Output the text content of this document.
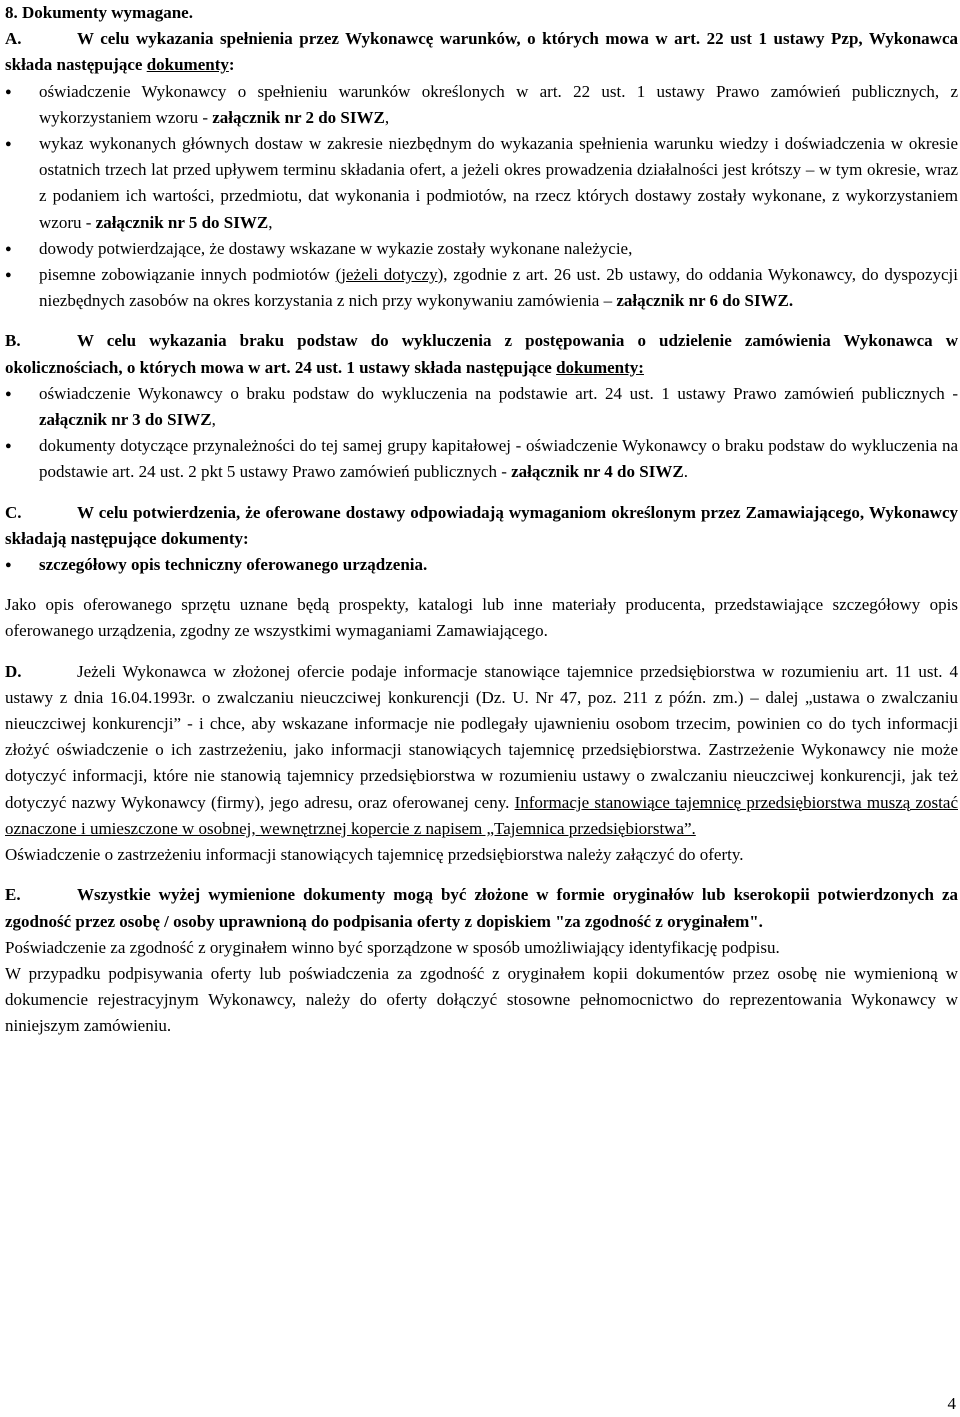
8. Dokumenty wymagane.

A.	W celu wykazania spełnienia przez Wykonawcę warunków, o których mowa w art. 22 ust 1 ustawy Pzp, Wykonawca składa następujące dokumenty:

● oświadczenie Wykonawcy o spełnieniu warunków określonych w art. 22 ust. 1 ustawy Prawo zamówień publicznych, z wykorzystaniem wzoru - załącznik nr 2 do SIWZ,
● wykaz wykonanych głównych dostaw w zakresie niezbędnym do wykazania spełnienia warunku wiedzy i doświadczenia w okresie ostatnich trzech lat przed upływem terminu składania ofert, a jeżeli okres prowadzenia działalności jest krótszy – w tym okresie, wraz z podaniem ich wartości, przedmiotu, dat wykonania i podmiotów, na rzecz których dostawy zostały wykonane, z wykorzystaniem wzoru - załącznik nr 5 do SIWZ,
● dowody potwierdzające, że dostawy wskazane w wykazie zostały wykonane należycie,
● pisemne zobowiązanie innych podmiotów (jeżeli dotyczy), zgodnie z art. 26 ust. 2b ustawy, do oddania Wykonawcy, do dyspozycji niezbędnych zasobów na okres korzystania z nich przy wykonywaniu zamówienia – załącznik nr 6 do SIWZ.

B.	W celu wykazania braku podstaw do wykluczenia z postępowania o udzielenie zamówienia Wykonawca w okolicznościach, o których mowa w art. 24 ust. 1 ustawy składa następujące dokumenty:

● oświadczenie Wykonawcy o braku podstaw do wykluczenia na podstawie art. 24 ust. 1 ustawy Prawo zamówień publicznych - załącznik nr 3 do SIWZ,
● dokumenty dotyczące przynależności do tej samej grupy kapitałowej - oświadczenie Wykonawcy o braku podstaw do wykluczenia na podstawie art. 24 ust. 2 pkt 5 ustawy Prawo zamówień publicznych - załącznik nr 4 do SIWZ.

C.	W celu potwierdzenia, że oferowane dostawy odpowiadają wymaganiom określonym przez Zamawiającego, Wykonawcy składają następujące dokumenty:

● szczegółowy opis techniczny oferowanego urządzenia.

Jako opis oferowanego sprzętu uznane będą prospekty, katalogi lub inne materiały producenta, przedstawiające szczegółowy opis oferowanego urządzenia, zgodny ze wszystkimi wymaganiami Zamawiającego.

D.	Jeżeli Wykonawca w złożonej ofercie podaje informacje stanowiące tajemnice przedsiębiorstwa w rozumieniu art. 11 ust. 4 ustawy z dnia 16.04.1993r. o zwalczaniu nieuczciwej konkurencji (Dz. U. Nr 47, poz. 211 z późn. zm.) – dalej „ustawa o zwalczaniu nieuczciwej konkurencji” - i chce, aby wskazane informacje nie podlegały ujawnieniu osobom trzecim, powinien co do tych informacji złożyć oświadczenie o ich zastrzeżeniu, jako informacji stanowiących tajemnicę przedsiębiorstwa. Zastrzeżenie Wykonawcy nie może dotyczyć informacji, które nie stanowią tajemnicy przedsiębiorstwa w rozumieniu ustawy o zwalczaniu nieuczciwej konkurencji, jak też dotyczyć nazwy Wykonawcy (firmy), jego adresu, oraz oferowanej ceny. Informacje stanowiące tajemnicę przedsiębiorstwa muszą zostać oznaczone i umieszczone w osobnej, wewnętrznej kopercie z napisem „Tajemnica przedsiębiorstwa”.

Oświadczenie o zastrzeżeniu informacji stanowiących tajemnicę przedsiębiorstwa należy załączyć do oferty.

E.	Wszystkie wyżej wymienione dokumenty mogą być złożone w formie oryginałów lub kserokopii potwierdzonych za zgodność przez osobę / osoby uprawnioną do podpisania oferty z dopiskiem "za zgodność z oryginałem".

Poświadczenie za zgodność z oryginałem winno być sporządzone w sposób umożliwiający identyfikację podpisu.

W przypadku podpisywania oferty lub poświadczenia za zgodność z oryginałem kopii dokumentów przez osobę nie wymienioną w dokumencie rejestracyjnym Wykonawcy, należy do oferty dołączyć stosowne pełnomocnictwo do reprezentowania Wykonawcy w niniejszym zamówieniu.

4
